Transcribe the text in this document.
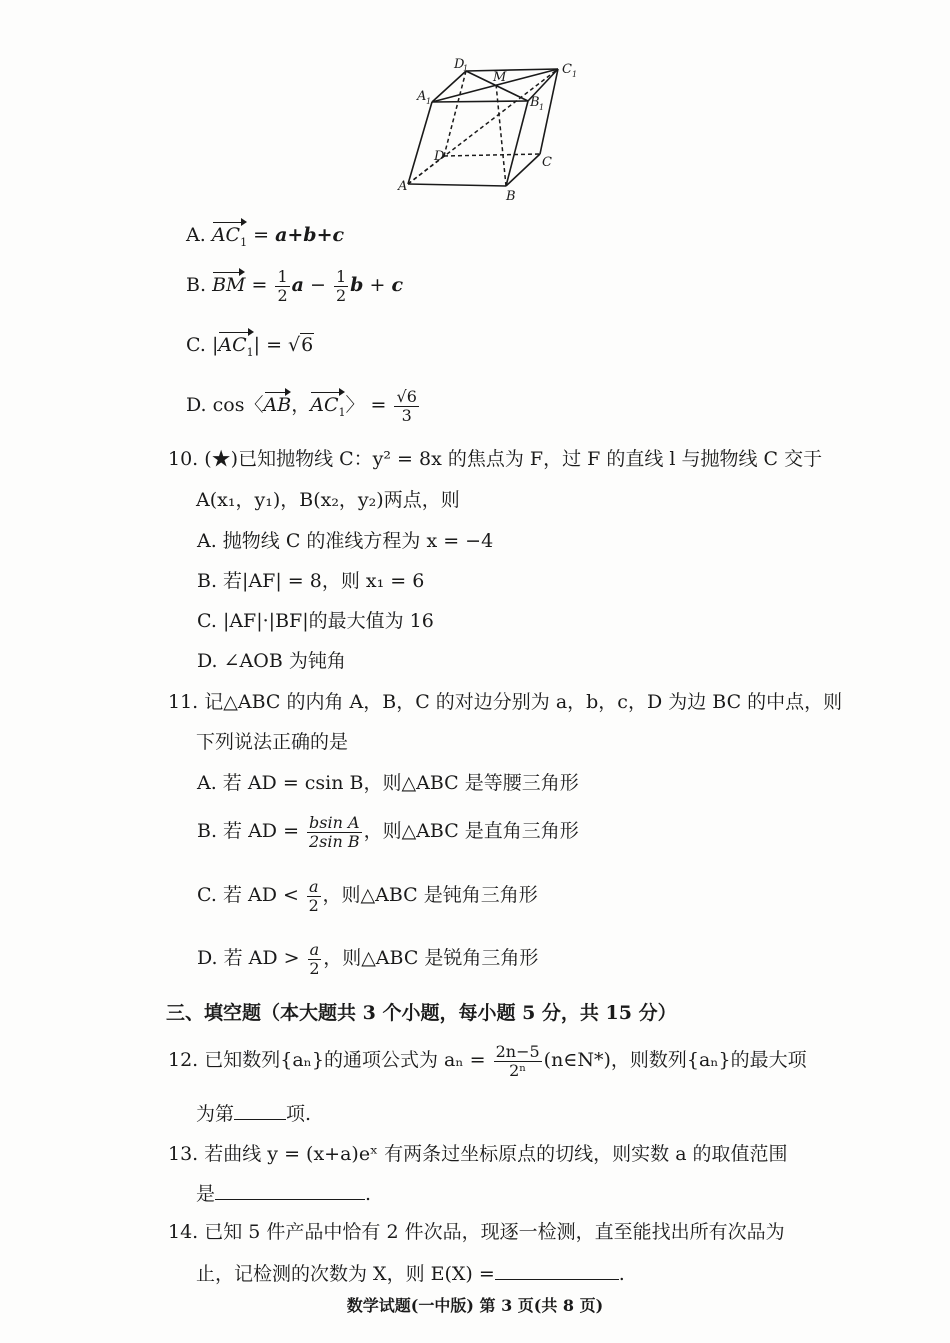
D
1
M
C 1
A 1	B 1
D	C
A
B
A. $AC_1 = a+b+c$
B. BM = $\frac{1}{2}$ $a - \frac{1}{2}$ b + c
C. $|AC_1| = √6$
D. cos〈AB，$AC_1$〉 = $\frac{√6}{3}$
10. (★)已知抛物线 C：y² = 8x 的焦点为 F，过 F 的直线 l 与抛物线 C 交于
A(x₁，y₁)，B(x₂，y₂)两点，则
A. 抛物线 C 的准线方程为 x = −4
B. 若|AF| = 8，则 x₁ = 6
C. |AF|·|BF|的最大值为 16
D. ∠AOB 为钝角
11. 记△ABC 的内角 A，B，C 的对边分别为 a，b，c，D 为边 BC 的中点，则
下列说法正确的是
A. 若 AD = csin B，则△ABC 是等腰三角形
B. 若 AD = $\frac{\text{bsin A}}{\text{2sin B}}$ ，则△ABC 是直角三角形
C. 若 AD < $\frac{a}{2}$ ，则△ABC 是钝角三角形
D. 若 AD > $\frac{a}{2}$ ，则△ABC 是锐角三角形
三、填空题（本大题共 3 个小题，每小题 5 分，共 15 分）
12. 已知数列{aₙ}的通项公式为 $a_n = \frac{2n-5}{\text{2ⁿ}}$ (n∈N*)，则数列{aₙ}的最大项
为第	项.
13. 若曲线 y = (x+a)eˣ 有两条过坐标原点的切线，则实数 a 的取值范围
是	.
14. 已知 5 件产品中恰有 2 件次品，现逐一检测，直至能找出所有次品为
止，记检测的次数为 X，则 E(X) =	.
数学试题(一中版) 第 3 页(共 8 页)
